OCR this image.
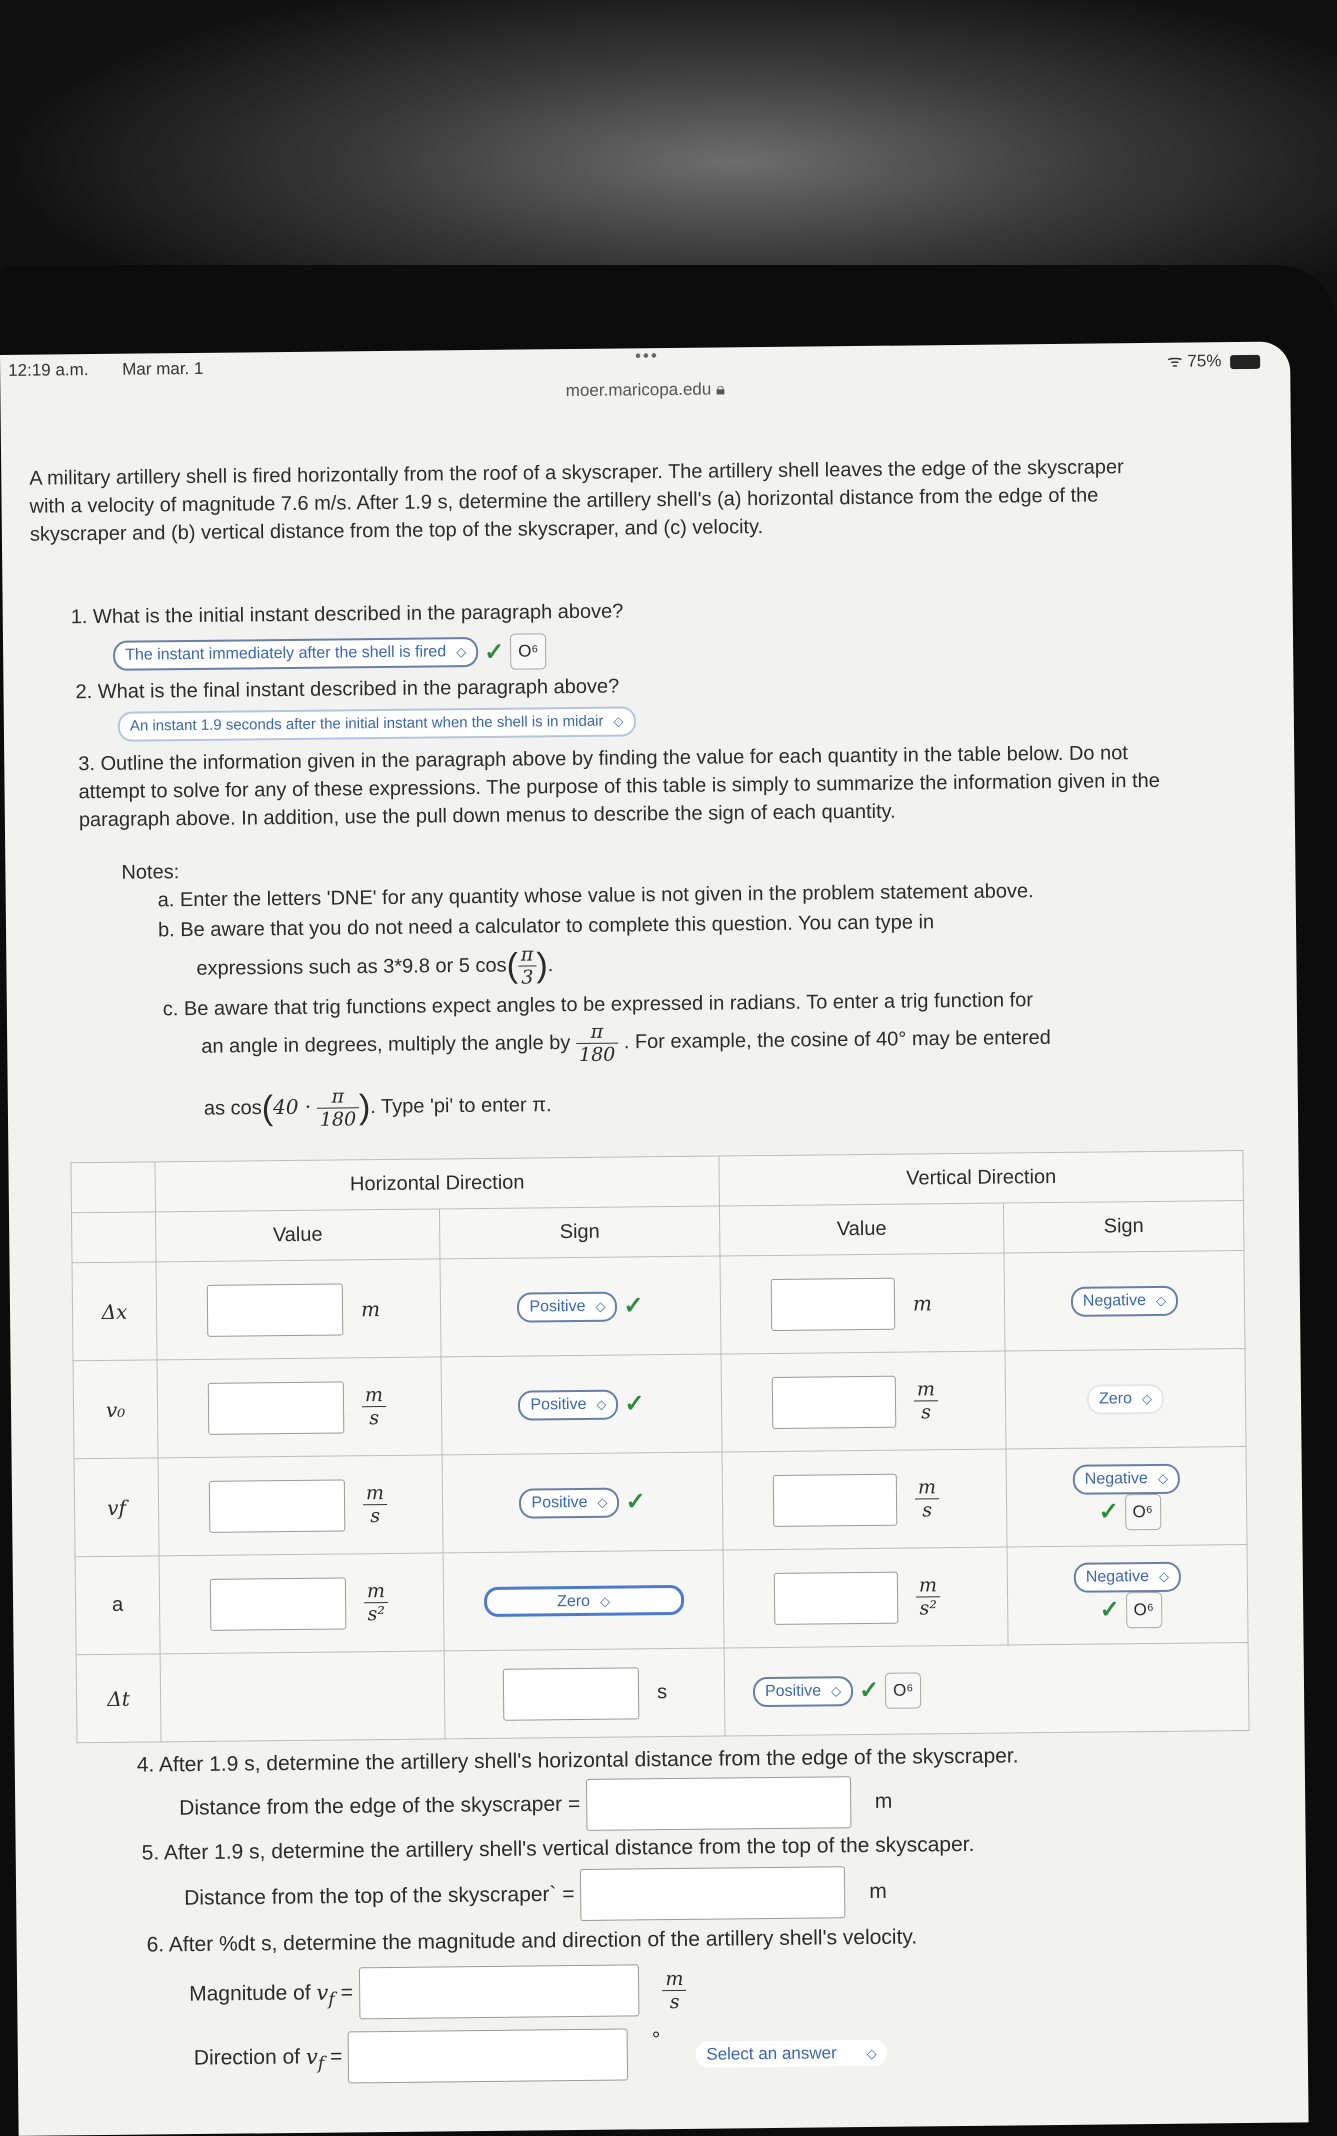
12:19 a.m. Mar mar. 1
•••	ᯤ 75%
moer.maricopa.edu 🔒︎

A military artillery shell is fired horizontally from the roof of a skyscraper. The artillery shell leaves the edge of the skyscraper with a velocity of magnitude 7.6 m/s. After 1.9 s, determine the artillery shell's (a) horizontal distance from the edge of the skyscraper and (b) vertical distance from the top of the skyscraper, and (c) velocity.

1. What is the initial instant described in the paragraph above?
The instant immediately after the shell is fired ◇ ✓ O⁶
2. What is the final instant described in the paragraph above?
An instant 1.9 seconds after the initial instant when the shell is in midair ◇
3. Outline the information given in the paragraph above by finding the value for each quantity in the table below. Do not attempt to solve for any of these expressions. The purpose of this table is simply to summarize the information given in the paragraph above. In addition, use the pull down menus to describe the sign of each quantity.
Notes:
a. Enter the letters 'DNE' for any quantity whose value is not given in the problem statement above.
b. Be aware that you do not need a calculator to complete this question. You can type in
expressions such as 3*9.8 or 5 $\cos( \frac{\pi}{3}$ ).
c. Be aware that trig functions expect angles to be expressed in radians. To enter a trig function for
an angle in degrees, multiply the angle by $\frac{\pi}{180}$ . For example, the cosine of 40° may be entered
as $\cos(40 \cdot \frac{\pi}{180}$ ). Type 'pi' to enter π.
	Horizontal Direction		Vertical Direction	
	Value	Sign	Value	Sign
Δx	m	Positive ◇ ✓	m	Negative ◇
v₀	$\frac{m}{s}$	Positive ◇ ✓	$\frac{m}{s}$	Zero ◇
vf	$\frac{m}{s}$	Positive ◇ ✓	$\frac{m}{s}$	Negative ◇
✓ O⁶
a	$\frac{m}{\text{s²}}$	Zero ◇	$\frac{m}{\text{s²}}$	Negative ◇
✓ O⁶
Δt		s	Positive ◇ ✓ O⁶	
4. After 1.9 s, determine the artillery shell's horizontal distance from the edge of the skyscraper.
Distance from the edge of the skyscraper =	m
5. After 1.9 s, determine the artillery shell's vertical distance from the top of the skyscaper.
Distance from the top of the skyscraper` =	m
6. After %dt s, determine the magnitude and direction of the artillery shell's velocity.
Magnitude of $v_f$ =	$\frac{m}{s}$
Direction of $v_f$ =  ° Select an answer ◇
